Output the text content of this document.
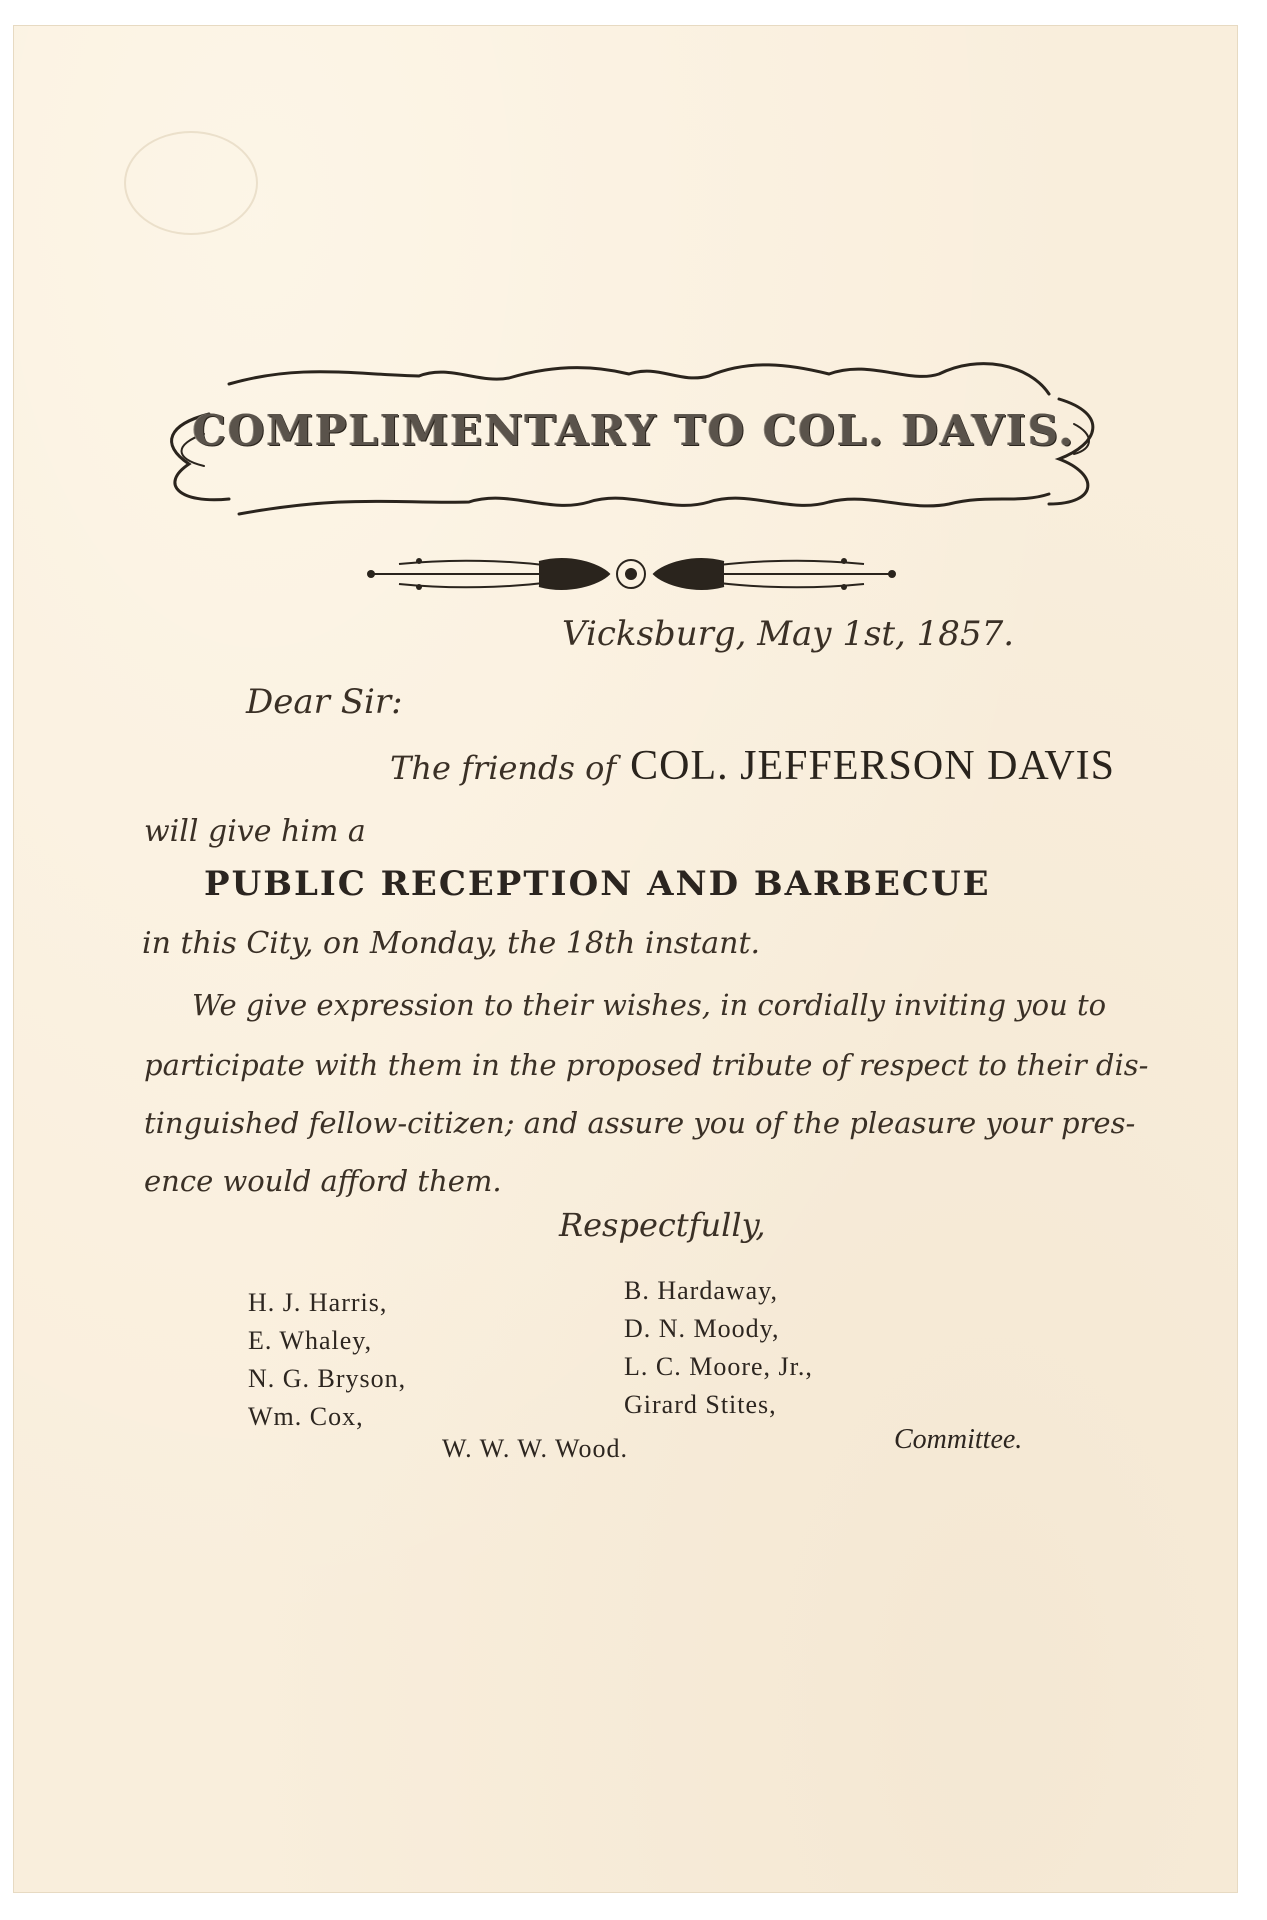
COMPLIMENTARY TO COL. DAVIS.
Vicksburg, May 1st, 1857.
Dear Sir:
The friends of COL. JEFFERSON DAVIS
will give him a
PUBLIC RECEPTION AND BARBECUE
in this City, on Monday, the 18th instant.
We give expression to their wishes, in cordially inviting you to
participate with them in the proposed tribute of respect to their dis-
tinguished fellow-citizen; and assure you of the pleasure your pres-
ence would afford them.
Respectfully,
H. J. Harris,
E. Whaley,
N. G. Bryson,
Wm. Cox,
B. Hardaway,
D. N. Moody,
L. C. Moore, Jr.,
Girard Stites,
W. W. W. Wood.	Committee.
